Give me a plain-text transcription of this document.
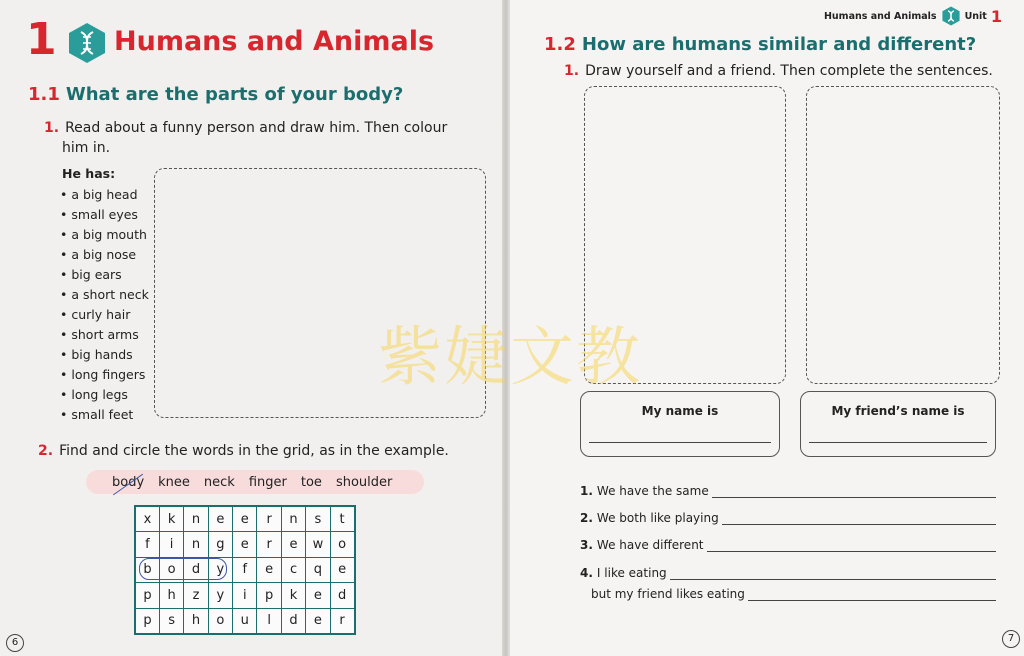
1 Humans and Animals
1.1 What are the parts of your body?
1. Read about a funny person and draw him. Then colour
him in.
He has:
• a big head
• small eyes
• a big mouth
• a big nose
• big ears
• a short neck
• curly hair
• short arms
• big hands
• long fingers
• long legs
• small feet
2. Find and circle the words in the grid, as in the example.
body knee neck finger toe shoulder
x	k	n	e	e	r	n	s	t
f	i	n	g	e	r	e	w	o
b	o	d	y	f	e	c	q	e
p	h	z	y	i	p	k	e	d
p	s	h	o	u	l	d	e	r
6
Humans and Animals	Unit 1
1.2 How are humans similar and different?
1. Draw yourself and a friend. Then complete the sentences.
My name is	My friend’s name is
1. We have the same
2. We both like playing
3. We have different
4. I like eating
but my friend likes eating
7
紫婕文教
